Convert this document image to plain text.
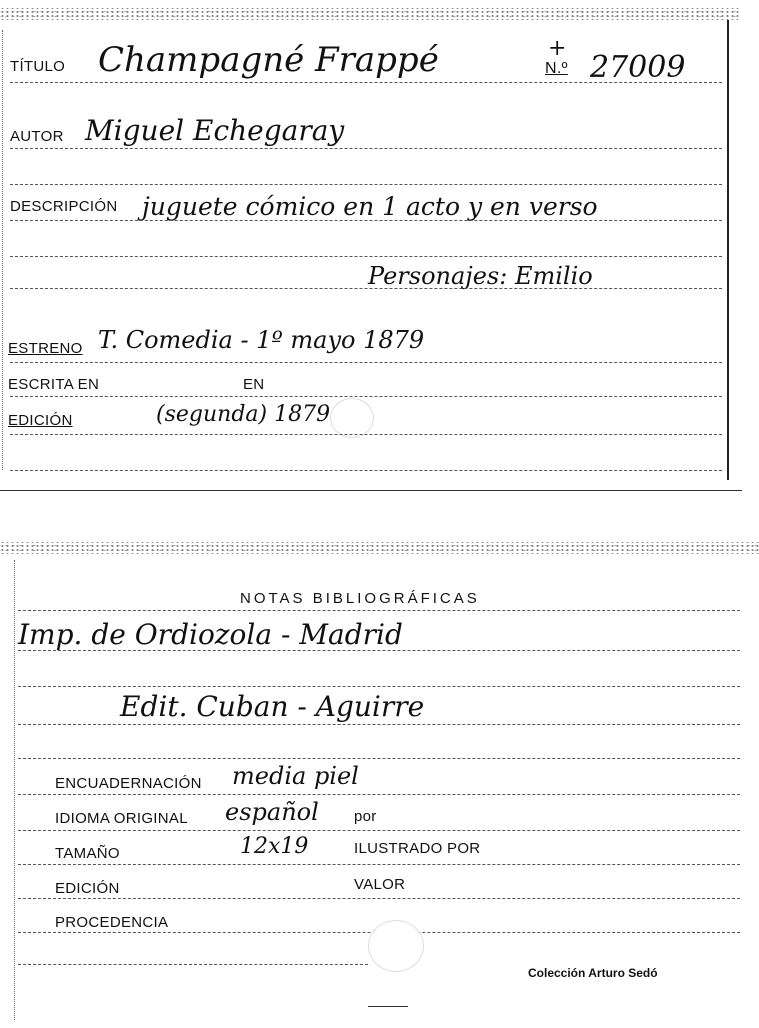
TÍTULO Champagné Frappé	+
N.º 27009
AUTOR Miguel Echegaray
DESCRIPCIÓN juguete cómico en 1 acto y en verso
Personajes: Emilio
ESTRENO T. Comedia - 1º mayo 1879
ESCRITA EN	EN
EDICIÓN	(segunda) 1879
NOTAS BIBLIOGRÁFICAS
Imp. de Ordiozola - Madrid
Edit. Cuban - Aguirre
ENCUADERNACIÓN media piel
IDIOMA ORIGINAL español por
TAMAÑO	12x19	ILUSTRADO POR
EDICIÓN	VALOR
PROCEDENCIA
Colección Arturo Sedó
